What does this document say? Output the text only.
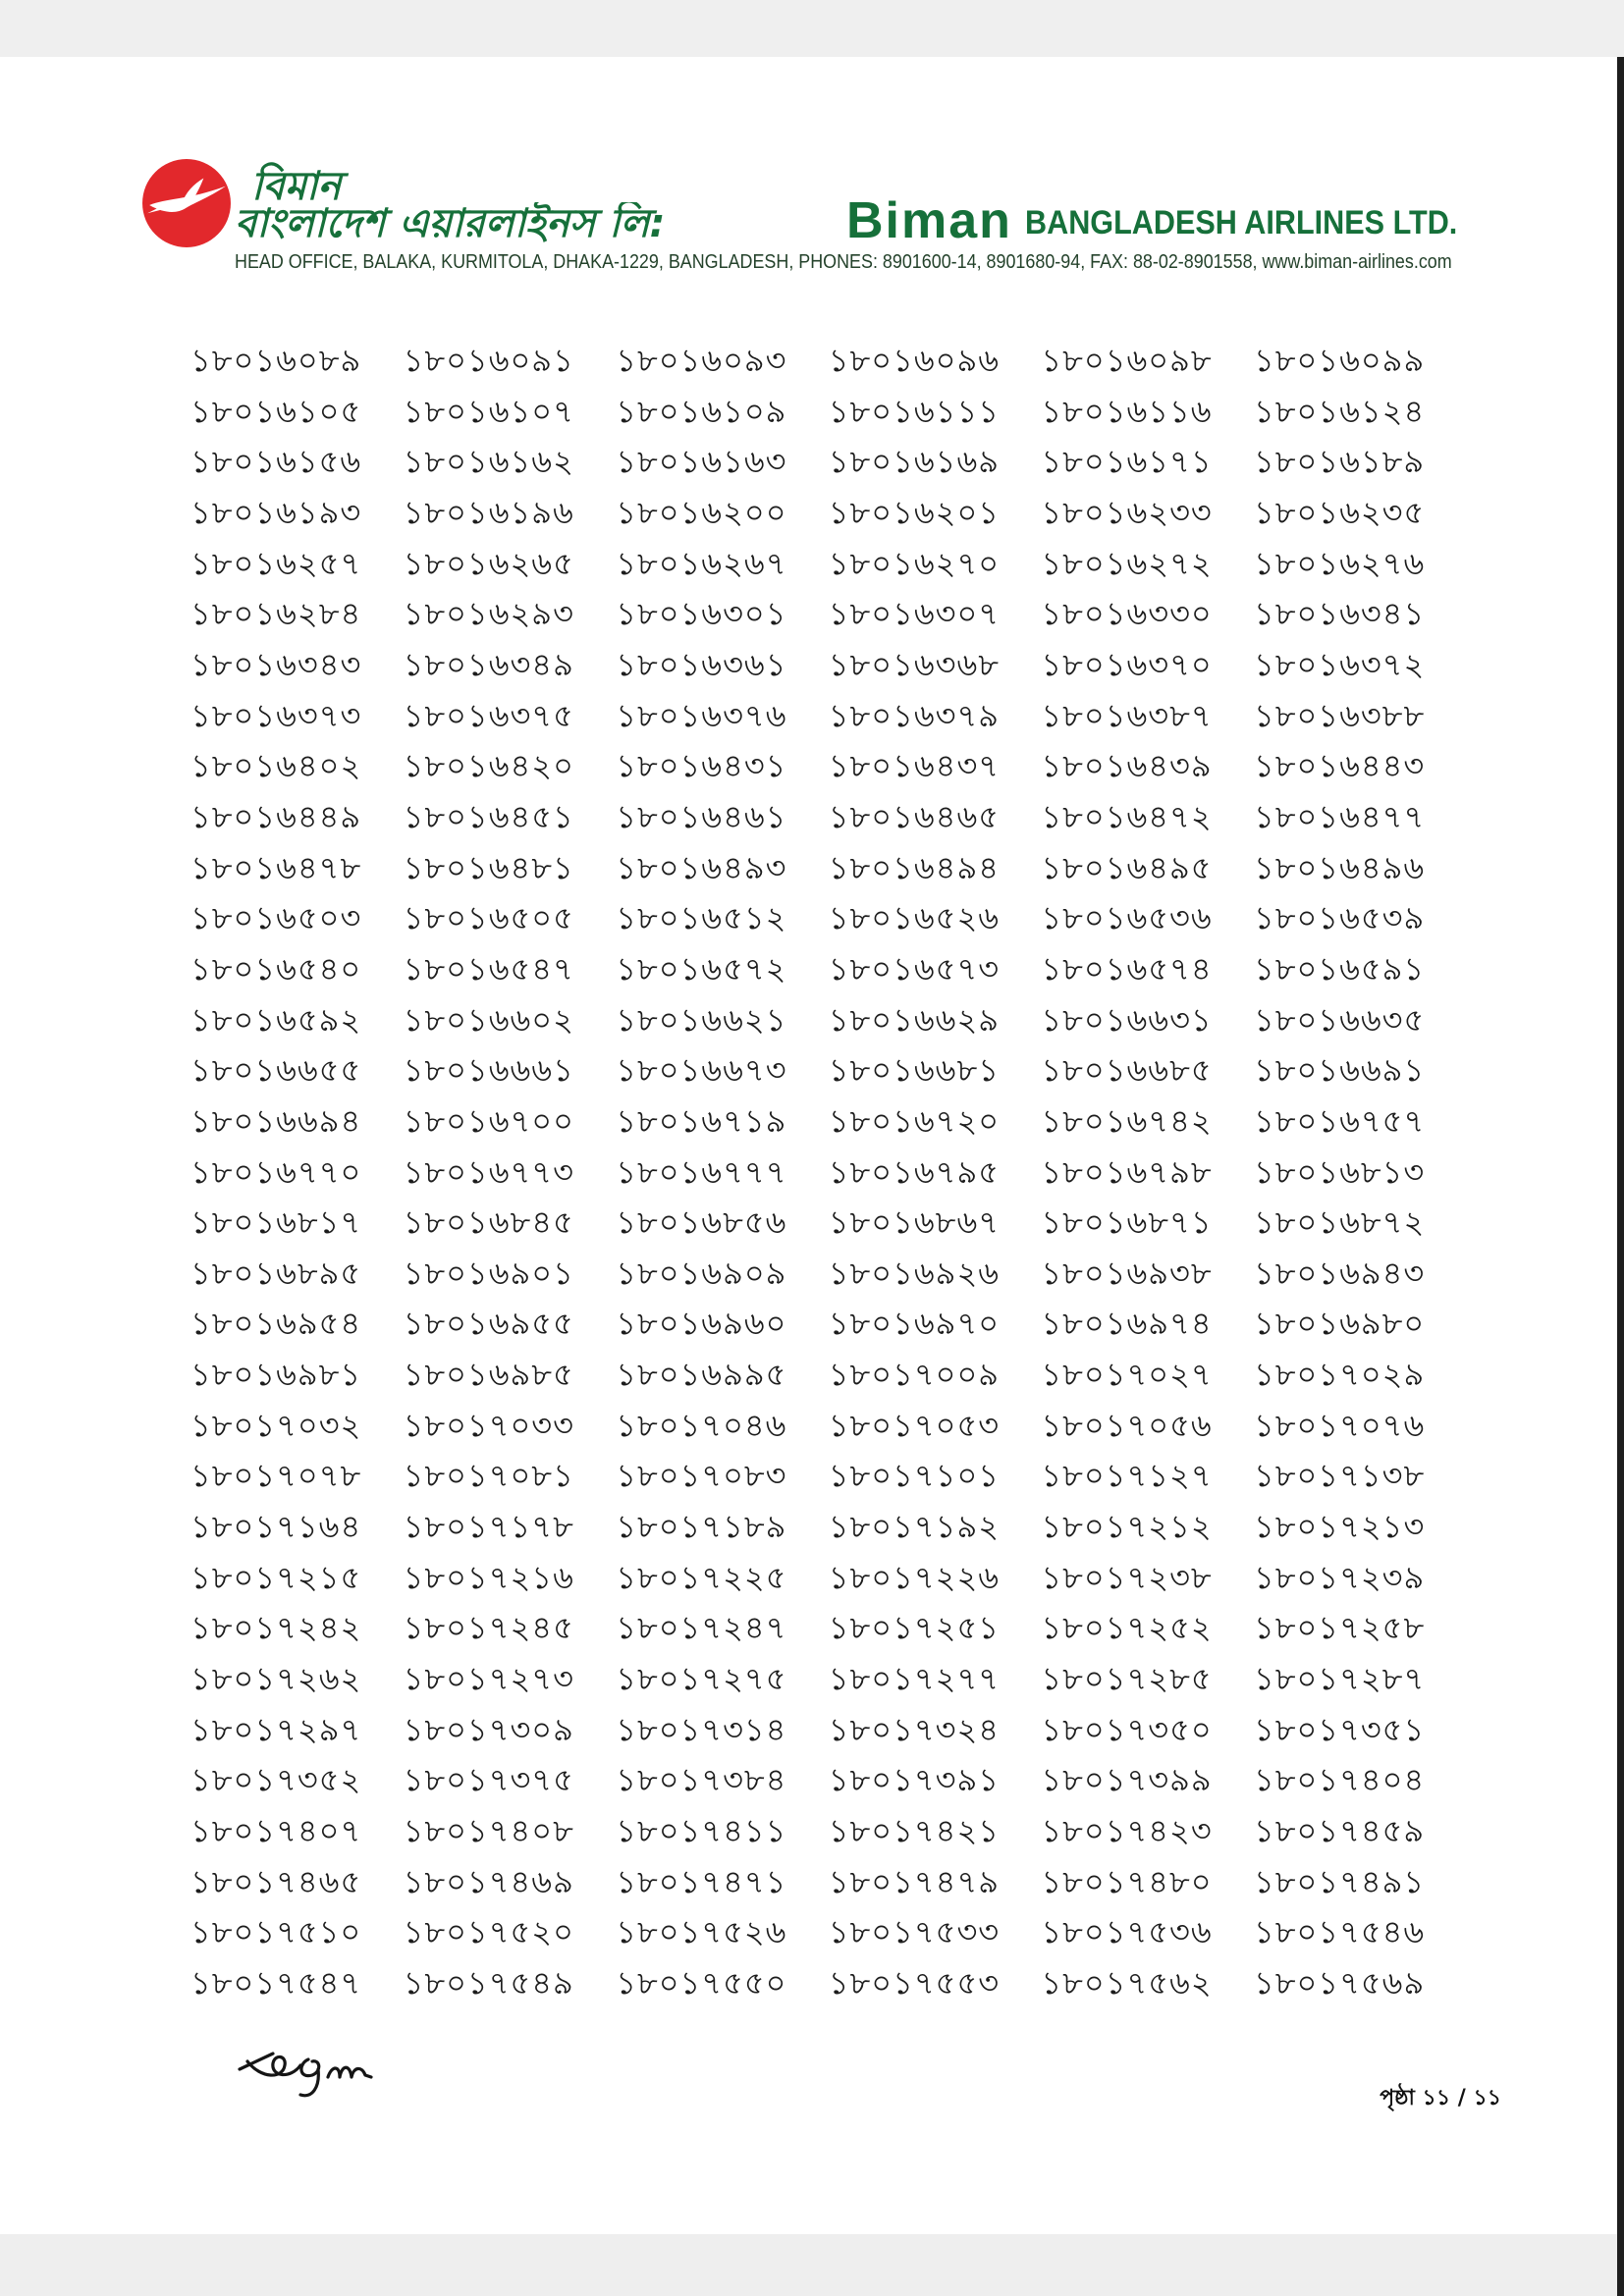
বিমান
বাংলাদেশ এয়ারলাইনস লি:	Biman BANGLADESH AIRLINES LTD.
HEAD OFFICE, BALAKA, KURMITOLA, DHAKA-1229, BANGLADESH, PHONES: 8901600-14, 8901680-94, FAX: 88-02-8901558, www.biman-airlines.com
১৮০১৬০৮৯	১৮০১৬০৯১	১৮০১৬০৯৩	১৮০১৬০৯৬	১৮০১৬০৯৮	১৮০১৬০৯৯
১৮০১৬১০৫	১৮০১৬১০৭	১৮০১৬১০৯	১৮০১৬১১১	১৮০১৬১১৬	১৮০১৬১২৪
১৮০১৬১৫৬	১৮০১৬১৬২	১৮০১৬১৬৩	১৮০১৬১৬৯	১৮০১৬১৭১	১৮০১৬১৮৯
১৮০১৬১৯৩	১৮০১৬১৯৬	১৮০১৬২০০	১৮০১৬২০১	১৮০১৬২৩৩	১৮০১৬২৩৫
১৮০১৬২৫৭	১৮০১৬২৬৫	১৮০১৬২৬৭	১৮০১৬২৭০	১৮০১৬২৭২	১৮০১৬২৭৬
১৮০১৬২৮৪	১৮০১৬২৯৩	১৮০১৬৩০১	১৮০১৬৩০৭	১৮০১৬৩৩০	১৮০১৬৩৪১
১৮০১৬৩৪৩	১৮০১৬৩৪৯	১৮০১৬৩৬১	১৮০১৬৩৬৮	১৮০১৬৩৭০	১৮০১৬৩৭২
১৮০১৬৩৭৩	১৮০১৬৩৭৫	১৮০১৬৩৭৬	১৮০১৬৩৭৯	১৮০১৬৩৮৭	১৮০১৬৩৮৮
১৮০১৬৪০২	১৮০১৬৪২০	১৮০১৬৪৩১	১৮০১৬৪৩৭	১৮০১৬৪৩৯	১৮০১৬৪৪৩
১৮০১৬৪৪৯	১৮০১৬৪৫১	১৮০১৬৪৬১	১৮০১৬৪৬৫	১৮০১৬৪৭২	১৮০১৬৪৭৭
১৮০১৬৪৭৮	১৮০১৬৪৮১	১৮০১৬৪৯৩	১৮০১৬৪৯৪	১৮০১৬৪৯৫	১৮০১৬৪৯৬
১৮০১৬৫০৩	১৮০১৬৫০৫	১৮০১৬৫১২	১৮০১৬৫২৬	১৮০১৬৫৩৬	১৮০১৬৫৩৯
১৮০১৬৫৪০	১৮০১৬৫৪৭	১৮০১৬৫৭২	১৮০১৬৫৭৩	১৮০১৬৫৭৪	১৮০১৬৫৯১
১৮০১৬৫৯২	১৮০১৬৬০২	১৮০১৬৬২১	১৮০১৬৬২৯	১৮০১৬৬৩১	১৮০১৬৬৩৫
১৮০১৬৬৫৫	১৮০১৬৬৬১	১৮০১৬৬৭৩	১৮০১৬৬৮১	১৮০১৬৬৮৫	১৮০১৬৬৯১
১৮০১৬৬৯৪	১৮০১৬৭০০	১৮০১৬৭১৯	১৮০১৬৭২০	১৮০১৬৭৪২	১৮০১৬৭৫৭
১৮০১৬৭৭০	১৮০১৬৭৭৩	১৮০১৬৭৭৭	১৮০১৬৭৯৫	১৮০১৬৭৯৮	১৮০১৬৮১৩
১৮০১৬৮১৭	১৮০১৬৮৪৫	১৮০১৬৮৫৬	১৮০১৬৮৬৭	১৮০১৬৮৭১	১৮০১৬৮৭২
১৮০১৬৮৯৫	১৮০১৬৯০১	১৮০১৬৯০৯	১৮০১৬৯২৬	১৮০১৬৯৩৮	১৮০১৬৯৪৩
১৮০১৬৯৫৪	১৮০১৬৯৫৫	১৮০১৬৯৬০	১৮০১৬৯৭০	১৮০১৬৯৭৪	১৮০১৬৯৮০
১৮০১৬৯৮১	১৮০১৬৯৮৫	১৮০১৬৯৯৫	১৮০১৭০০৯	১৮০১৭০২৭	১৮০১৭০২৯
১৮০১৭০৩২	১৮০১৭০৩৩	১৮০১৭০৪৬	১৮০১৭০৫৩	১৮০১৭০৫৬	১৮০১৭০৭৬
১৮০১৭০৭৮	১৮০১৭০৮১	১৮০১৭০৮৩	১৮০১৭১০১	১৮০১৭১২৭	১৮০১৭১৩৮
১৮০১৭১৬৪	১৮০১৭১৭৮	১৮০১৭১৮৯	১৮০১৭১৯২	১৮০১৭২১২	১৮০১৭২১৩
১৮০১৭২১৫	১৮০১৭২১৬	১৮০১৭২২৫	১৮০১৭২২৬	১৮০১৭২৩৮	১৮০১৭২৩৯
১৮০১৭২৪২	১৮০১৭২৪৫	১৮০১৭২৪৭	১৮০১৭২৫১	১৮০১৭২৫২	১৮০১৭২৫৮
১৮০১৭২৬২	১৮০১৭২৭৩	১৮০১৭২৭৫	১৮০১৭২৭৭	১৮০১৭২৮৫	১৮০১৭২৮৭
১৮০১৭২৯৭	১৮০১৭৩০৯	১৮০১৭৩১৪	১৮০১৭৩২৪	১৮০১৭৩৫০	১৮০১৭৩৫১
১৮০১৭৩৫২	১৮০১৭৩৭৫	১৮০১৭৩৮৪	১৮০১৭৩৯১	১৮০১৭৩৯৯	১৮০১৭৪০৪
১৮০১৭৪০৭	১৮০১৭৪০৮	১৮০১৭৪১১	১৮০১৭৪২১	১৮০১৭৪২৩	১৮০১৭৪৫৯
১৮০১৭৪৬৫	১৮০১৭৪৬৯	১৮০১৭৪৭১	১৮০১৭৪৭৯	১৮০১৭৪৮০	১৮০১৭৪৯১
১৮০১৭৫১০	১৮০১৭৫২০	১৮০১৭৫২৬	১৮০১৭৫৩৩	১৮০১৭৫৩৬	১৮০১৭৫৪৬
১৮০১৭৫৪৭	১৮০১৭৫৪৯	১৮০১৭৫৫০	১৮০১৭৫৫৩	১৮০১৭৫৬২	১৮০১৭৫৬৯
পৃষ্ঠা ১১ / ১১
